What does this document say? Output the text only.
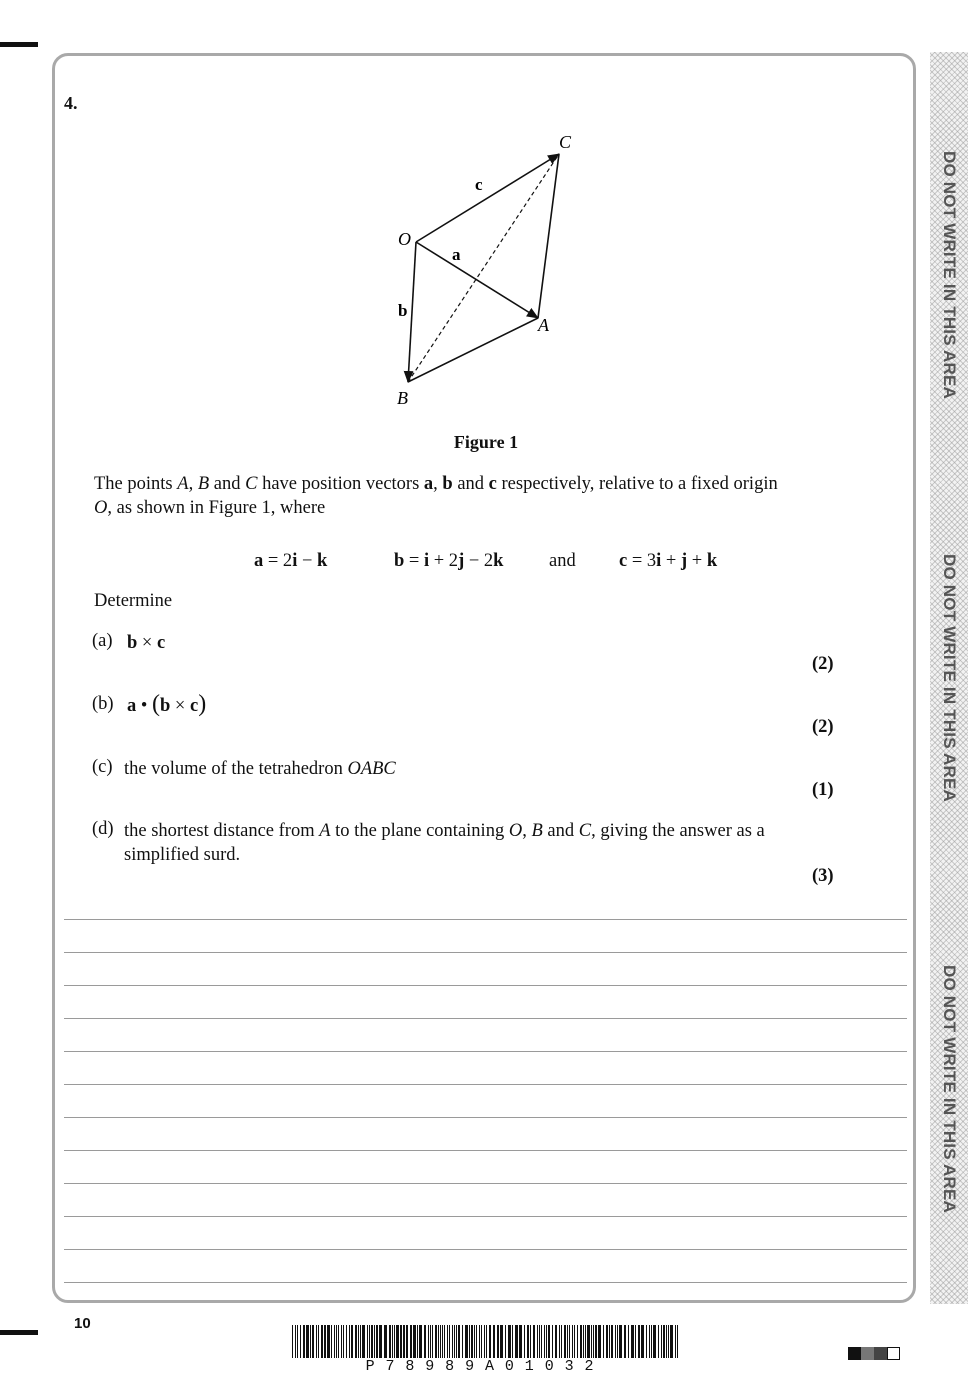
DO NOT WRITE IN THIS AREA
DO NOT WRITE IN THIS AREA
DO NOT WRITE IN THIS AREA
4.
C
O
A
B
c
a
b
Figure 1
The points A, B and C have position vectors a, b and c respectively, relative to a fixed origin O, as shown in Figure 1, where
a = 2i − k	b = i + 2j − 2k and c = 3i + j + k
Determine
(a) b × c
(2)
(b) a • (b × c)
(2)
(c) the volume of the tetrahedron OABC
(1)
(d) the shortest distance from A to the plane containing O, B and C, giving the answer as a simplified surd.
(3)
10
P78989A01032
